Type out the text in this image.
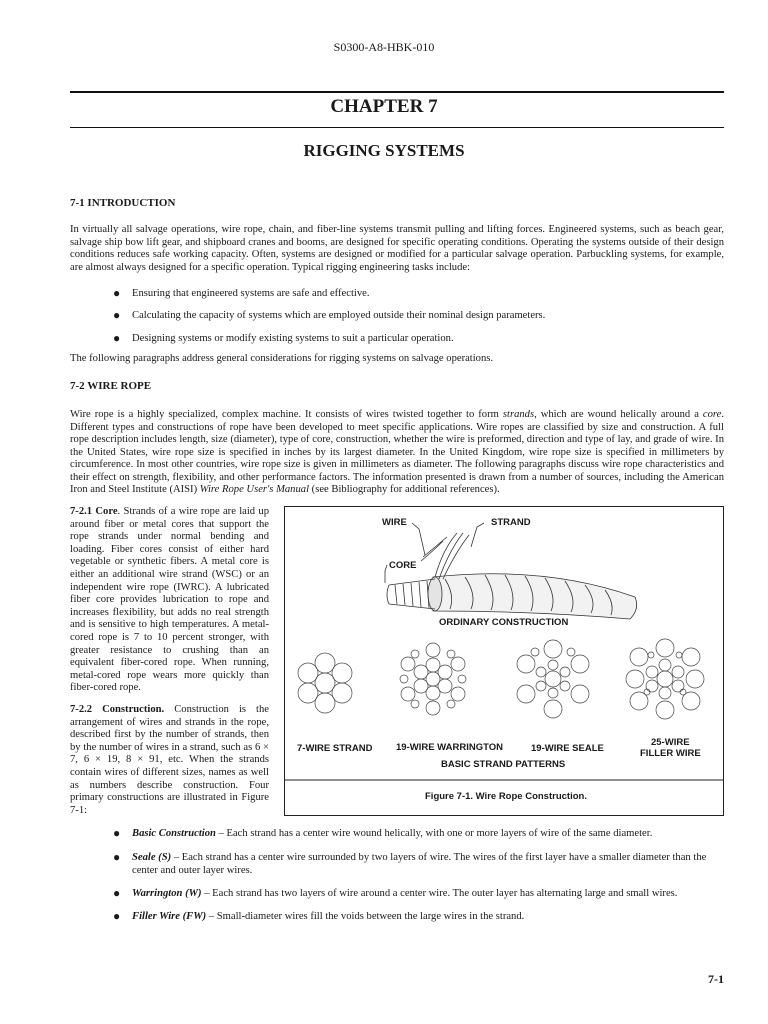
S0300-A8-HBK-010
CHAPTER 7
RIGGING SYSTEMS
7-1 INTRODUCTION
In virtually all salvage operations, wire rope, chain, and fiber-line systems transmit pulling and lifting forces. Engineered systems, such as beach gear, salvage ship bow lift gear, and shipboard cranes and booms, are designed for specific operating conditions. Operating the systems outside of their design conditions reduces safe working capacity. Often, systems are designed or modified for a particular salvage operation. Parbuckling systems, for example, are almost always designed for a specific operation. Typical rigging engineering tasks include:
● Ensuring that engineered systems are safe and effective.
● Calculating the capacity of systems which are employed outside their nominal design parameters.
● Designing systems or modify existing systems to suit a particular operation.
The following paragraphs address general considerations for rigging systems on salvage operations.
7-2 WIRE ROPE
Wire rope is a highly specialized, complex machine. It consists of wires twisted together to form strands, which are wound helically around a core. Different types and constructions of rope have been developed to meet specific applications. Wire ropes are classified by size and construction. A full rope description includes length, size (diameter), type of core, construction, whether the wire is preformed, direction and type of lay, and grade of wire. In the United States, wire rope size is specified in inches by its largest diameter. In the United Kingdom, wire rope size is specified in millimeters by circumference. In most other countries, wire rope size is given in millimeters as diameter. The following paragraphs discuss wire rope characteristics and their effect on strength, flexibility, and other performance factors. The information presented is drawn from a number of sources, including the American Iron and Steel Institute (AISI) Wire Rope User's Manual (see Bibliography for additional references).
7-2.1 Core. Strands of a wire rope are laid up around fiber or metal cores that support the rope strands under normal bending and loading. Fiber cores consist of either hard vegetable or synthetic fibers. A metal core is either an additional wire strand (WSC) or an independent wire rope (IWRC). A lubricated fiber core provides lubrication to rope and increases flexibility, but adds no real strength and is sensitive to high temperatures. A metal-cored rope is 7 to 10 percent stronger, with greater resistance to crushing than an equivalent fiber-cored rope. When running, metal-cored rope wears more quickly than fiber-cored rope.
7-2.2 Construction. Construction is the arrangement of wires and strands in the rope, described first by the number of strands, then by the number of wires in a strand, such as 6 × 7, 6 × 19, 8 × 91, etc. When the strands contain wires of different sizes, names as well as numbers describe construction. Four primary constructions are illustrated in Figure 7-1:
WIRE	STRAND
CORE
ORDINARY CONSTRUCTION
7-WIRE STRAND 19-WIRE WARRINGTON	19-WIRE SEALE
25-WIRE
FILLER WIRE
BASIC STRAND PATTERNS
Figure 7-1. Wire Rope Construction.
● Basic Construction – Each strand has a center wire wound helically, with one or more layers of wire of the same diameter.
● Seale (S) – Each strand has a center wire surrounded by two layers of wire. The wires of the first layer have a smaller diameter than the center and outer layer wires.
● Warrington (W) – Each strand has two layers of wire around a center wire. The outer layer has alternating large and small wires.
● Filler Wire (FW) – Small-diameter wires fill the voids between the large wires in the strand.
7-1
